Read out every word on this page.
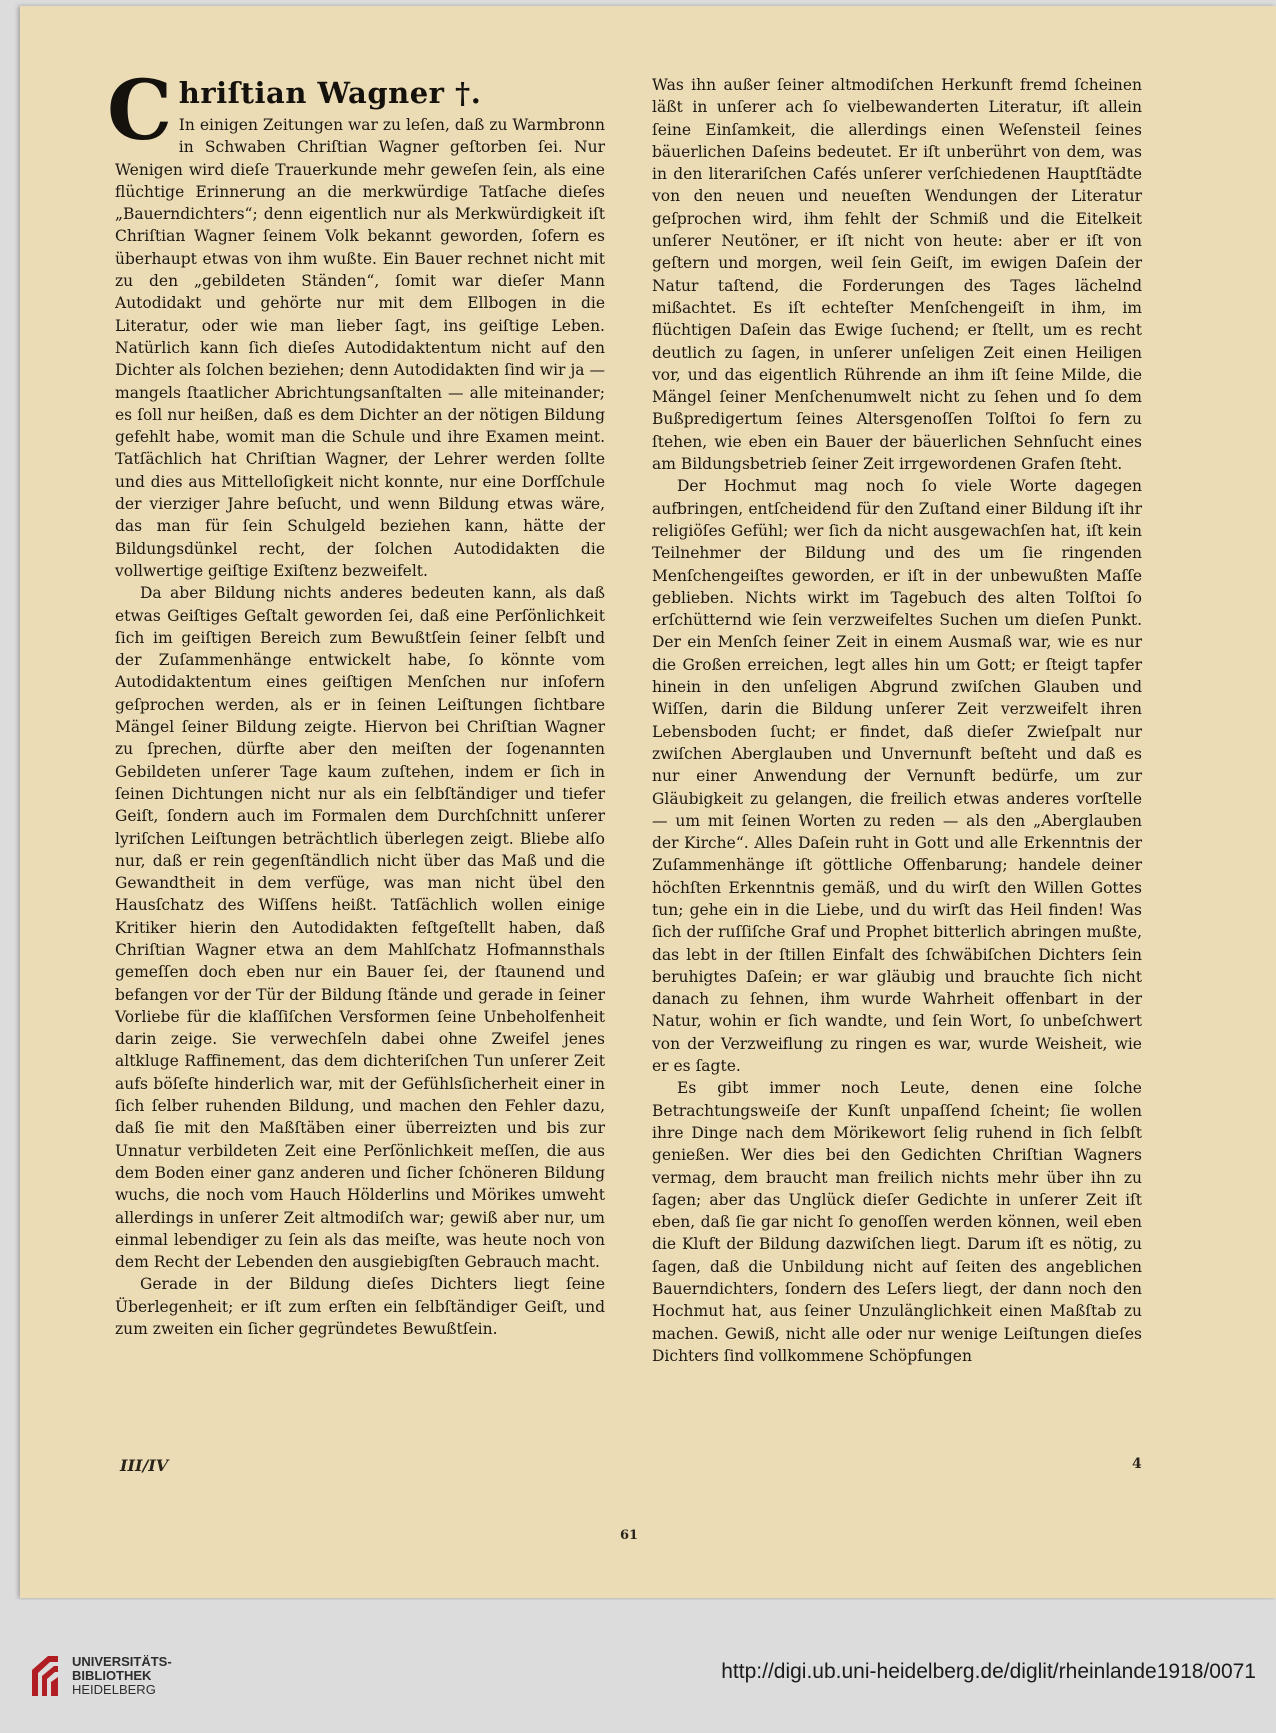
Chriſtian Wagner †.

In einigen Zeitungen war zu leſen, daß zu Warmbronn in Schwaben Chriſtian Wagner geſtorben ſei. Nur Wenigen wird dieſe Trauerkunde mehr geweſen ſein, als eine flüchtige Erinnerung an die merkwürdige Tatſache dieſes „Bauerndichters“; denn eigentlich nur als Merkwürdigkeit iſt Chriſtian Wagner ſeinem Volk bekannt geworden, ſofern es überhaupt etwas von ihm wußte. Ein Bauer rechnet nicht mit zu den „gebildeten Ständen“, ſomit war dieſer Mann Autodidakt und gehörte nur mit dem Ellbogen in die Literatur, oder wie man lieber ſagt, ins geiſtige Leben. Natürlich kann ſich dieſes Autodidaktentum nicht auf den Dichter als ſolchen beziehen; denn Autodidakten ſind wir ja — mangels ſtaatlicher Abrichtungsanſtalten — alle miteinander; es ſoll nur heißen, daß es dem Dichter an der nötigen Bildung gefehlt habe, womit man die Schule und ihre Examen meint. Tatſächlich hat Chriſtian Wagner, der Lehrer werden ſollte und dies aus Mittelloſigkeit nicht konnte, nur eine Dorfſchule der vierziger Jahre beſucht, und wenn Bildung etwas wäre, das man für ſein Schulgeld beziehen kann, hätte der Bildungsdünkel recht, der ſolchen Autodidakten die vollwertige geiſtige Exiſtenz bezweifelt.

Da aber Bildung nichts anderes bedeuten kann, als daß etwas Geiſtiges Geſtalt geworden ſei, daß eine Perſönlichkeit ſich im geiſtigen Bereich zum Bewußtſein ſeiner ſelbſt und der Zuſammenhänge entwickelt habe, ſo könnte vom Autodidaktentum eines geiſtigen Menſchen nur inſofern geſprochen werden, als er in ſeinen Leiſtungen ſichtbare Mängel ſeiner Bildung zeigte. Hiervon bei Chriſtian Wagner zu ſprechen, dürfte aber den meiſten der ſogenannten Gebildeten unſerer Tage kaum zuſtehen, indem er ſich in ſeinen Dichtungen nicht nur als ein ſelbſtändiger und tiefer Geiſt, ſondern auch im Formalen dem Durchſchnitt unſerer lyriſchen Leiſtungen beträchtlich überlegen zeigt. Bliebe alſo nur, daß er rein gegenſtändlich nicht über das Maß und die Gewandtheit in dem verfüge, was man nicht übel den Hausſchatz des Wiſſens heißt. Tatſächlich wollen einige Kritiker hierin den Autodidakten feſtgeſtellt haben, daß Chriſtian Wagner etwa an dem Mahlſchatz Hofmannsthals gemeſſen doch eben nur ein Bauer ſei, der ſtaunend und befangen vor der Tür der Bildung ſtände und gerade in ſeiner Vorliebe für die klaſſiſchen Versformen ſeine Unbeholfenheit darin zeige. Sie verwechſeln dabei ohne Zweifel jenes altkluge Raffinement, das dem dichteriſchen Tun unſerer Zeit aufs böſeſte hinderlich war, mit der Gefühlsſicherheit einer in ſich ſelber ruhenden Bildung, und machen den Fehler dazu, daß ſie mit den Maßſtäben einer überreizten und bis zur Unnatur verbildeten Zeit eine Perſönlichkeit meſſen, die aus dem Boden einer ganz anderen und ſicher ſchöneren Bildung wuchs, die noch vom Hauch Hölderlins und Mörikes umweht allerdings in unſerer Zeit altmodiſch war; gewiß aber nur, um einmal lebendiger zu ſein als das meiſte, was heute noch von dem Recht der Lebenden den ausgiebigſten Gebrauch macht.

Gerade in der Bildung dieſes Dichters liegt ſeine Überlegenheit; er iſt zum erſten ein ſelbſtändiger Geiſt, und zum zweiten ein ſicher gegründetes Bewußtſein.

Was ihn außer ſeiner altmodiſchen Herkunft fremd ſcheinen läßt in unſerer ach ſo vielbewanderten Literatur, iſt allein ſeine Einſamkeit, die allerdings einen Weſensteil ſeines bäuerlichen Daſeins bedeutet. Er iſt unberührt von dem, was in den literariſchen Cafés unſerer verſchiedenen Hauptſtädte von den neuen und neueſten Wendungen der Literatur geſprochen wird, ihm fehlt der Schmiß und die Eitelkeit unſerer Neutöner, er iſt nicht von heute: aber er iſt von geſtern und morgen, weil ſein Geiſt, im ewigen Daſein der Natur taſtend, die Forderungen des Tages lächelnd mißachtet. Es iſt echteſter Menſchengeiſt in ihm, im flüchtigen Daſein das Ewige ſuchend; er ſtellt, um es recht deutlich zu ſagen, in unſerer unſeligen Zeit einen Heiligen vor, und das eigentlich Rührende an ihm iſt ſeine Milde, die Mängel ſeiner Menſchenumwelt nicht zu ſehen und ſo dem Bußpredigertum ſeines Altersgenoſſen Tolſtoi ſo fern zu ſtehen, wie eben ein Bauer der bäuerlichen Sehnſucht eines am Bildungsbetrieb ſeiner Zeit irrgewordenen Grafen ſteht.

Der Hochmut mag noch ſo viele Worte dagegen aufbringen, entſcheidend für den Zuſtand einer Bildung iſt ihr religiöſes Gefühl; wer ſich da nicht ausgewachſen hat, iſt kein Teilnehmer der Bildung und des um ſie ringenden Menſchengeiſtes geworden, er iſt in der unbewußten Maſſe geblieben. Nichts wirkt im Tagebuch des alten Tolſtoi ſo erſchütternd wie ſein verzweifeltes Suchen um dieſen Punkt. Der ein Menſch ſeiner Zeit in einem Ausmaß war, wie es nur die Großen erreichen, legt alles hin um Gott; er ſteigt tapfer hinein in den unſeligen Abgrund zwiſchen Glauben und Wiſſen, darin die Bildung unſerer Zeit verzweifelt ihren Lebensboden ſucht; er findet, daß dieſer Zwieſpalt nur zwiſchen Aberglauben und Unvernunft beſteht und daß es nur einer Anwendung der Vernunft bedürfe, um zur Gläubigkeit zu gelangen, die freilich etwas anderes vorſtelle — um mit ſeinen Worten zu reden — als den „Aberglauben der Kirche“. Alles Daſein ruht in Gott und alle Erkenntnis der Zuſammenhänge iſt göttliche Offenbarung; handele deiner höchſten Erkenntnis gemäß, und du wirſt den Willen Gottes tun; gehe ein in die Liebe, und du wirſt das Heil finden! Was ſich der ruſſiſche Graf und Prophet bitterlich abringen mußte, das lebt in der ſtillen Einfalt des ſchwäbiſchen Dichters ſein beruhigtes Daſein; er war gläubig und brauchte ſich nicht danach zu ſehnen, ihm wurde Wahrheit offenbart in der Natur, wohin er ſich wandte, und ſein Wort, ſo unbeſchwert von der Verzweiflung zu ringen es war, wurde Weisheit, wie er es ſagte.

Es gibt immer noch Leute, denen eine ſolche Betrachtungsweiſe der Kunſt unpaſſend ſcheint; ſie wollen ihre Dinge nach dem Mörikewort ſelig ruhend in ſich ſelbſt genießen. Wer dies bei den Gedichten Chriſtian Wagners vermag, dem braucht man freilich nichts mehr über ihn zu ſagen; aber das Unglück dieſer Gedichte in unſerer Zeit iſt eben, daß ſie gar nicht ſo genoſſen werden können, weil eben die Kluft der Bildung dazwiſchen liegt. Darum iſt es nötig, zu ſagen, daß die Unbildung nicht auf ſeiten des angeblichen Bauerndichters, ſondern des Leſers liegt, der dann noch den Hochmut hat, aus ſeiner Unzulänglichkeit einen Maßſtab zu machen. Gewiß, nicht alle oder nur wenige Leiſtungen dieſes Dichters ſind vollkommene Schöpfungen

III/IV
61
4
UNIVERSITÄTS-
BIBLIOTHEK
HEIDELBERG
http://digi.ub.uni-heidelberg.de/diglit/rheinlande1918/0071
